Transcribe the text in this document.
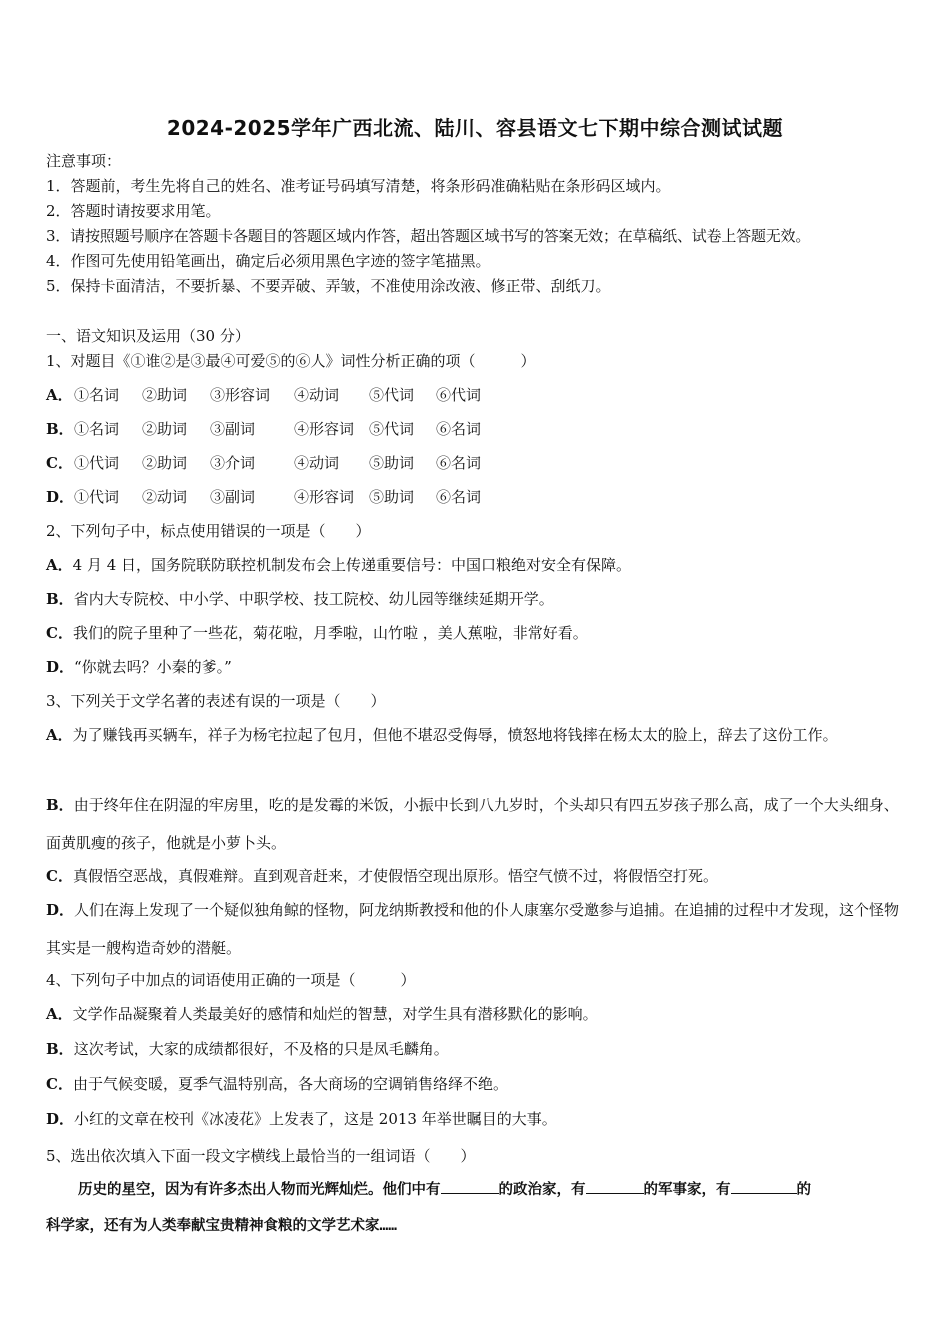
2024-2025学年广西北流、陆川、容县语文七下期中综合测试试题
注意事项：
1．答题前，考生先将自己的姓名、准考证号码填写清楚，将条形码准确粘贴在条形码区域内。
2．答题时请按要求用笔。
3．请按照题号顺序在答题卡各题目的答题区域内作答，超出答题区域书写的答案无效；在草稿纸、试卷上答题无效。
4．作图可先使用铅笔画出，确定后必须用黑色字迹的签字笔描黑。
5．保持卡面清洁，不要折暴、不要弄破、弄皱，不准使用涂改液、修正带、刮纸刀。
一、语文知识及运用（30 分）
1、对题目《①谁②是③最④可爱⑤的⑥人》词性分析正确的项（　　　）
A．①名词 ②助词 ③形容词 ④动词 ⑤代词 ⑥代词
B．①名词 ②助词 ③副词	④形容词 ⑤代词 ⑥名词
C．①代词 ②助词 ③介词	④动词 ⑤助词 ⑥名词
D．①代词 ②动词 ③副词	④形容词 ⑤助词 ⑥名词
2、下列句子中，标点使用错误的一项是（　　）
A．4 月 4 日，国务院联防联控机制发布会上传递重要信号：中国口粮绝对安全有保障。
B．省内大专院校、中小学、中职学校、技工院校、幼儿园等继续延期开学。
C．我们的院子里种了一些花，菊花啦，月季啦，山竹啦 ，美人蕉啦，非常好看。
D．“你就去吗？小秦的爹。”
3、下列关于文学名著的表述有误的一项是（　　）
A．为了赚钱再买辆车，祥子为杨宅拉起了包月，但他不堪忍受侮辱，愤怒地将钱摔在杨太太的脸上，辞去了这份工作。
B．由于终年住在阴湿的牢房里，吃的是发霉的米饭，小振中长到八九岁时，个头却只有四五岁孩子那么高，成了一个大头细身、面黄肌瘦的孩子，他就是小萝卜头。
C．真假悟空恶战，真假难辩。直到观音赶来，才使假悟空现出原形。悟空气愤不过，将假悟空打死。
D．人们在海上发现了一个疑似独角鲸的怪物，阿龙纳斯教授和他的仆人康塞尔受邀参与追捕。在追捕的过程中才发现，这个怪物其实是一艘构造奇妙的潜艇。
4、下列句子中加点的词语使用正确的一项是（　　　）
A．文学作品凝聚着人类最美好的感情和灿烂的智慧，对学生具有潜移默化的影响。
B．这次考试，大家的成绩都很好，不及格的只是凤毛麟角。
C．由于气候变暖，夏季气温特别高，各大商场的空调销售络绎不绝。
D．小红的文章在校刊《冰凌花》上发表了，这是 2013 年举世瞩目的大事。
5、选出依次填入下面一段文字横线上最恰当的一组词语（　　）
历史的星空，因为有许多杰出人物而光辉灿烂。他们中有	的政治家，有	的军事家，有	的
科学家，还有为人类奉献宝贵精神食粮的文学艺术家……
